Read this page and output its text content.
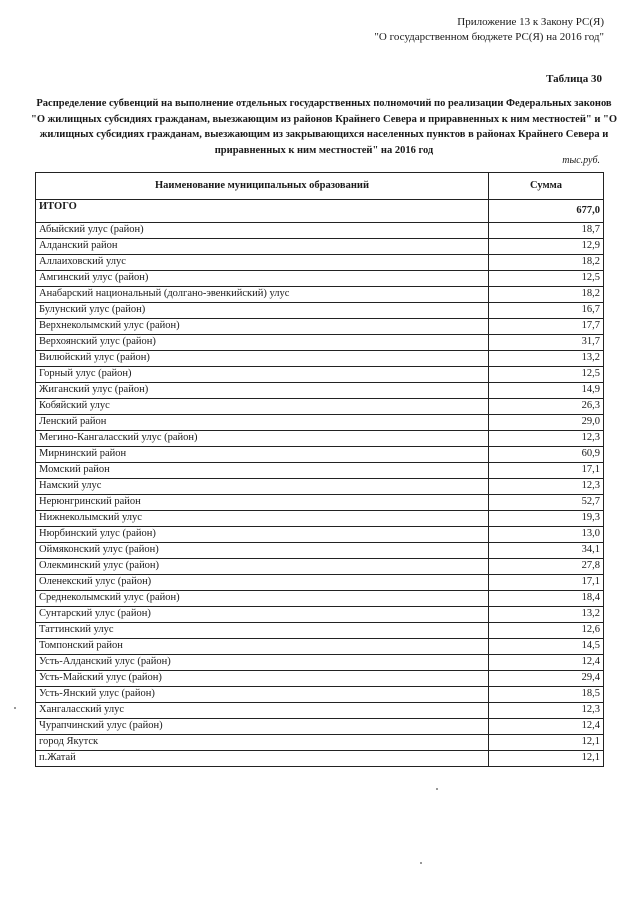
Приложение 13 к Закону РС(Я)
"О государственном бюджете РС(Я) на 2016 год"
Таблица 30
Распределение субвенций на выполнение отдельных государственных полномочий по реализации Федеральных законов "О жилищных субсидиях гражданам, выезжающим из районов Крайнего Севера и приравненных к ним местностей" и "О жилищных субсидиях гражданам, выезжающим из закрывающихся населенных пунктов в районах Крайнего Севера и приравненных к ним местностей" на 2016 год
тыс.руб.
Наименование муниципальных образований	Сумма
ИТОГО	677,0
Абыйский улус (район)	18,7
Алданский район	12,9
Аллаиховский улус	18,2
Амгинский улус (район)	12,5
Анабарский национальный (долгано-эвенкийский) улус	18,2
Булунский улус (район)	16,7
Верхнеколымский улус (район)	17,7
Верхоянский улус (район)	31,7
Вилюйский улус (район)	13,2
Горный улус (район)	12,5
Жиганский улус (район)	14,9
Кобяйский улус	26,3
Ленский район	29,0
Мегино-Кангаласский улус (район)	12,3
Мирнинский район	60,9
Момский район	17,1
Намский улус	12,3
Нерюнгринский район	52,7
Нижнеколымский улус	19,3
Нюрбинский улус (район)	13,0
Оймяконский улус (район)	34,1
Олекминский улус (район)	27,8
Оленекский улус (район)	17,1
Среднеколымский улус (район)	18,4
Сунтарский улус (район)	13,2
Таттинский улус	12,6
Томпонский район	14,5
Усть-Алданский улус (район)	12,4
Усть-Майский улус (район)	29,4
Усть-Янский улус (район)	18,5
Хангаласский улус	12,3
Чурапчинский улус (район)	12,4
город Якутск	12,1
п.Жатай	12,1
